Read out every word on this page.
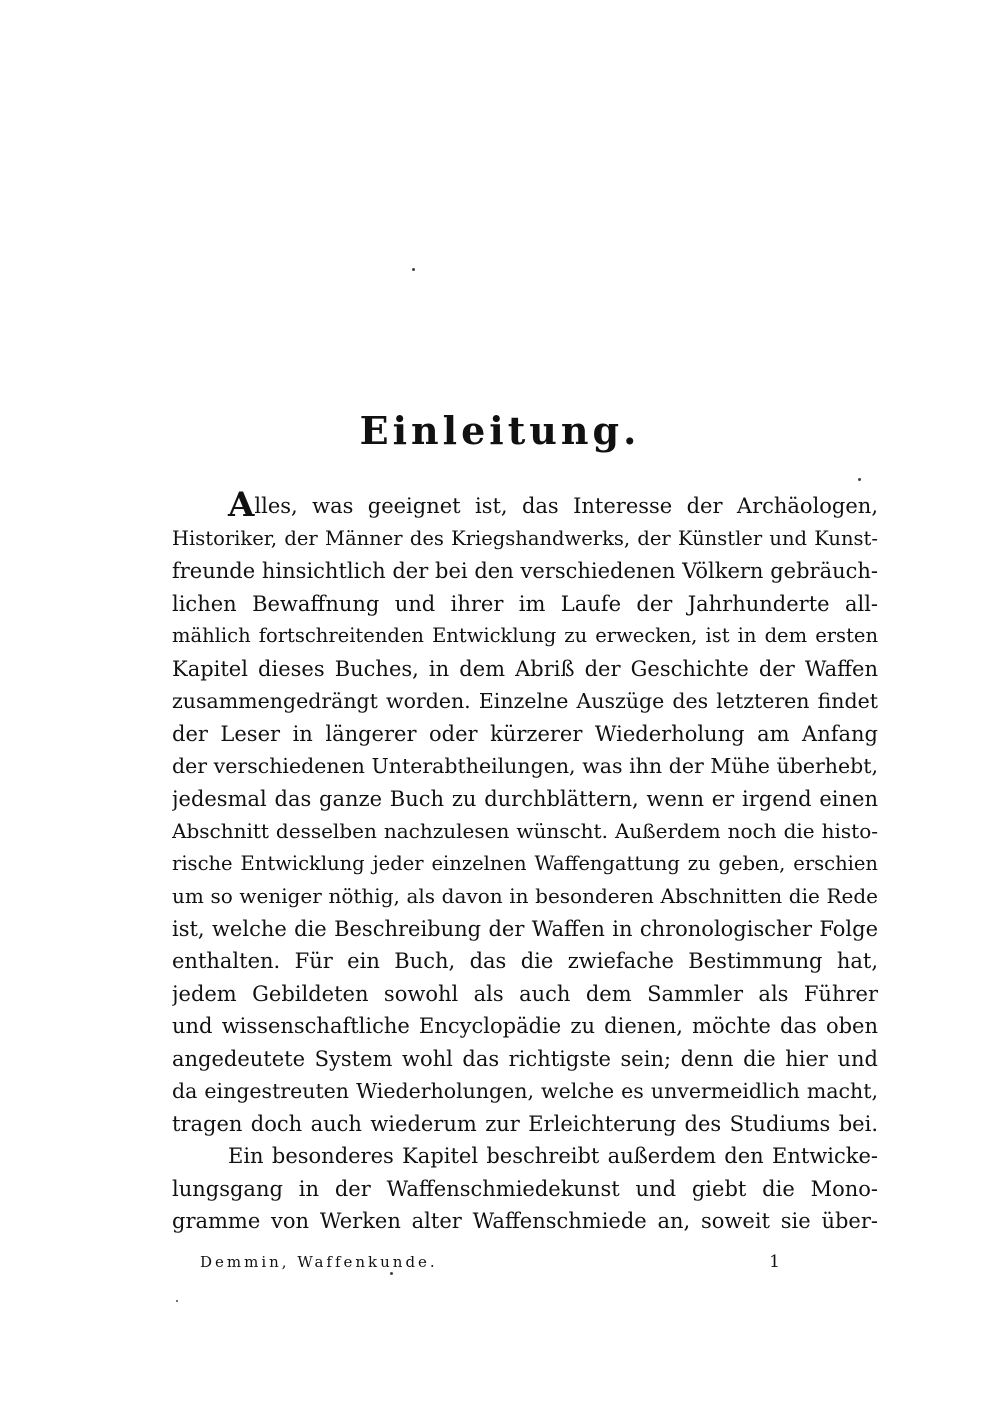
Einleitung.
Alles, was geeignet ist, das Interesse der Archäologen,
Historiker, der Männer des Kriegshandwerks, der Künstler und Kunst-
freunde hinsichtlich der bei den verschiedenen Völkern gebräuch-
lichen Bewaffnung und ihrer im Laufe der Jahrhunderte all-
mählich fortschreitenden Entwicklung zu erwecken, ist in dem ersten
Kapitel dieses Buches, in dem Abriß der Geschichte der Waffen
zusammengedrängt worden. Einzelne Auszüge des letzteren findet
der Leser in längerer oder kürzerer Wiederholung am Anfang
der verschiedenen Unterabtheilungen, was ihn der Mühe überhebt,
jedesmal das ganze Buch zu durchblättern, wenn er irgend einen
Abschnitt desselben nachzulesen wünscht. Außerdem noch die histo-
rische Entwicklung jeder einzelnen Waffengattung zu geben, erschien
um so weniger nöthig, als davon in besonderen Abschnitten die Rede
ist, welche die Beschreibung der Waffen in chronologischer Folge
enthalten. Für ein Buch, das die zwiefache Bestimmung hat,
jedem Gebildeten sowohl als auch dem Sammler als Führer
und wissenschaftliche Encyclopädie zu dienen, möchte das oben
angedeutete System wohl das richtigste sein; denn die hier und
da eingestreuten Wiederholungen, welche es unvermeidlich macht,
tragen doch auch wiederum zur Erleichterung des Studiums bei.
Ein besonderes Kapitel beschreibt außerdem den Entwicke-
lungsgang in der Waffenschmiedekunst und giebt die Mono-
gramme von Werken alter Waffenschmiede an, soweit sie über-
Demmin, Waffenkunde.	1
